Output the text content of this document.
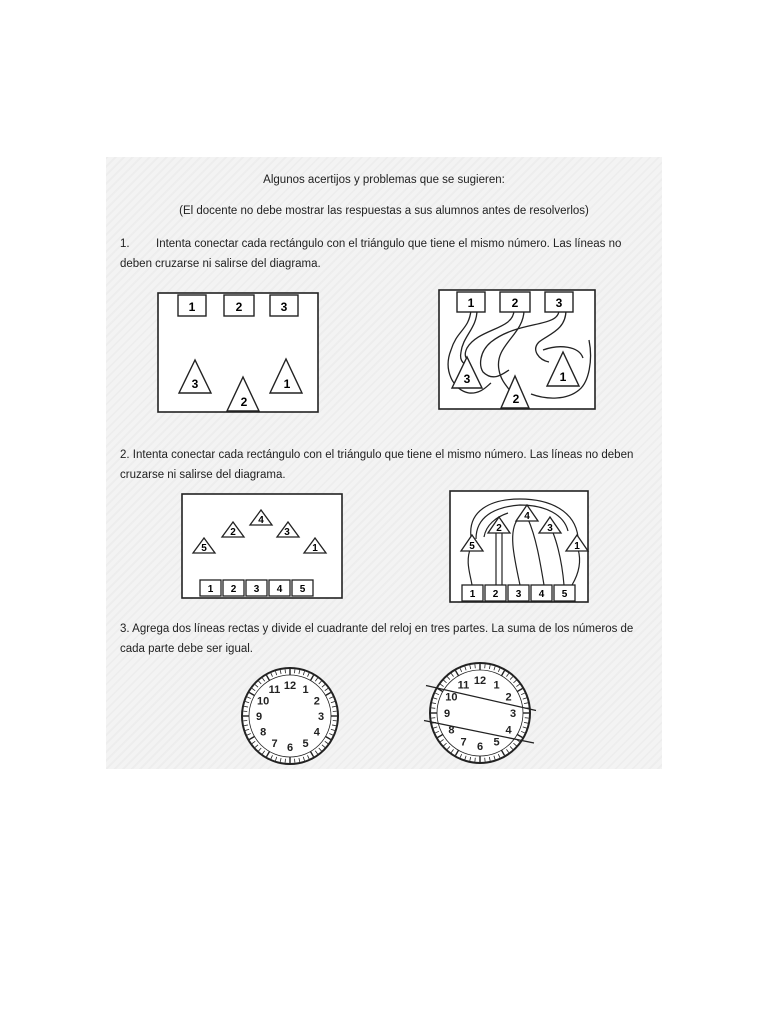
Algunos acertijos y problemas que se sugieren:
(El docente no debe mostrar las respuestas a sus alumnos antes de resolverlos)
1. Intenta conectar cada rectángulo con el triángulo que tiene el mismo número. Las líneas no deben cruzarse ni salirse del diagrama.
1	2	3
3
2
1
1	2	3
3
2
1
2. Intenta conectar cada rectángulo con el triángulo que tiene el mismo número. Las líneas no deben cruzarse ni salirse del diagrama.
4
2	3
5	1
1 2 3 4 5
4
2	3
5	1
1 2 3 4 5
3. Agrega dos líneas rectas y divide el cuadrante del reloj en tres partes. La suma de los números de cada parte debe ser igual.
12 1
2
3
4
5
6
7
8
9
10
11
12 1
2
3
4
5
6
7
8
9
10
11
